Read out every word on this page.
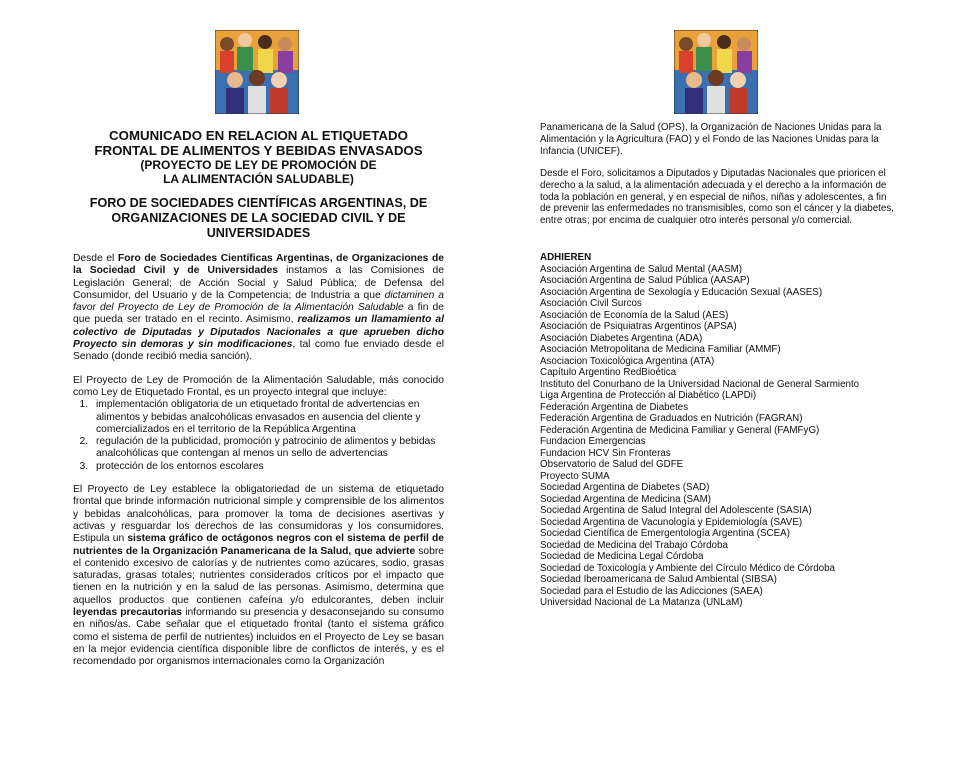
COMUNICADO EN RELACION AL ETIQUETADO
FRONTAL DE ALIMENTOS Y BEBIDAS ENVASADOS
(PROYECTO DE LEY DE PROMOCIÓN DE
LA ALIMENTACIÓN SALUDABLE)
FORO DE SOCIEDADES CIENTÍFICAS ARGENTINAS, DE
ORGANIZACIONES DE LA SOCIEDAD CIVIL Y DE
UNIVERSIDADES

Desde el Foro de Sociedades Científicas Argentinas, de Organizaciones de la Sociedad Civil y de Universidades instamos a las Comisiones de Legislación General; de Acción Social y Salud Pública; de Defensa del Consumidor, del Usuario y de la Competencia; de Industria a que dictaminen a favor del Proyecto de Ley de Promoción de la Alimentación Saludable a fin de que pueda ser tratado en el recinto. Asimismo, realizamos un llamamiento al colectivo de Diputadas y Diputados Nacionales a que aprueben dicho Proyecto sin demoras y sin modificaciones, tal como fue enviado desde el Senado (donde recibió media sanción).

El Proyecto de Ley de Promoción de la Alimentación Saludable, más conocido como Ley de Etiquetado Frontal, es un proyecto integral que incluye:

1. implementación obligatoria de un etiquetado frontal de advertencias en alimentos y bebidas analcohólicas envasados en ausencia del cliente y comercializados en el territorio de la República Argentina
2. regulación de la publicidad, promoción y patrocinio de alimentos y bebidas analcohólicas que contengan al menos un sello de advertencias
3. protección de los entornos escolares

El Proyecto de Ley establece la obligatoriedad de un sistema de etiquetado frontal que brinde información nutricional simple y comprensible de los alimentos y bebidas analcohólicas, para promover la toma de decisiones asertivas y activas y resguardar los derechos de las consumidoras y los consumidores. Estipula un sistema gráfico de octágonos negros con el sistema de perfil de nutrientes de la Organización Panamericana de la Salud, que advierte sobre el contenido excesivo de calorías y de nutrientes como azúcares, sodio, grasas saturadas, grasas totales; nutrientes considerados críticos por el impacto que tienen en la nutrición y en la salud de las personas. Asimismo, determina que aquellos productos que contienen cafeína y/o edulcorantes, deben incluir leyendas precautorias informando su presencia y desaconsejando su consumo en niños/as. Cabe señalar que el etiquetado frontal (tanto el sistema gráfico como el sistema de perfil de nutrientes) incluidos en el Proyecto de Ley se basan en la mejor evidencia científica disponible libre de conflictos de interés, y es el recomendado por organismos internacionales como la Organización

Panamericana de la Salud (OPS), la Organización de Naciones Unidas para la Alimentación y la Agricultura (FAO) y el Fondo de las Naciones Unidas para la Infancia (UNICEF).

Desde el Foro, solicitamos a Diputados y Diputadas Nacionales que prioricen el derecho a la salud, a la alimentación adecuada y el derecho a la información de toda la población en general, y en especial de niños, niñas y adolescentes, a fin de prevenir las enfermedades no transmisibles, como son el cáncer y la diabetes, entre otras; por encima de cualquier otro interés personal y/o comercial.

ADHIEREN
Asociación Argentina de Salud Mental (AASM)
Asociación Argentina de Salud Pública (AASAP)
Asociación Argentina de Sexología y Educación Sexual (AASES)
Asociación Civil Surcos
Asociación de Economía de la Salud (AES)
Asociación de Psiquiatras Argentinos (APSA)
Asociación Diabetes Argentina (ADA)
Asociación Metropolitana de Medicina Familiar (AMMF)
Asociacion Toxicológica Argentina (ATA)
Capítulo Argentino RedBioética
Instituto del Conurbano de la Universidad Nacional de General Sarmiento
Liga Argentina de Protección al Diabético (LAPDi)
Federación Argentina de Diabetes
Federación Argentina de Graduados en Nutrición (FAGRAN)
Federación Argentina de Medicina Familiar y General (FAMFyG)
Fundacion Emergencias
Fundacion HCV Sin Fronteras
Observatorio de Salud del GDFE
Proyecto SUMA
Sociedad Argentina de Diabetes (SAD)
Sociedad Argentina de Medicina (SAM)
Sociedad Argentina de Salud Integral del Adolescente (SASIA)
Sociedad Argentina de Vacunología y Epidemiología (SAVE)
Sociedad Científica de Emergentología Argentina (SCEA)
Sociedad de Medicina del Trabajo Córdoba
Sociedad de Medicina Legal Córdoba
Sociedad de Toxicología y Ambiente del Círculo Médico de Córdoba
Sociedad Iberoamericana de Salud Ambiental (SIBSA)
Sociedad para el Estudio de las Adicciones (SAEA)
Universidad Nacional de La Matanza (UNLaM)
